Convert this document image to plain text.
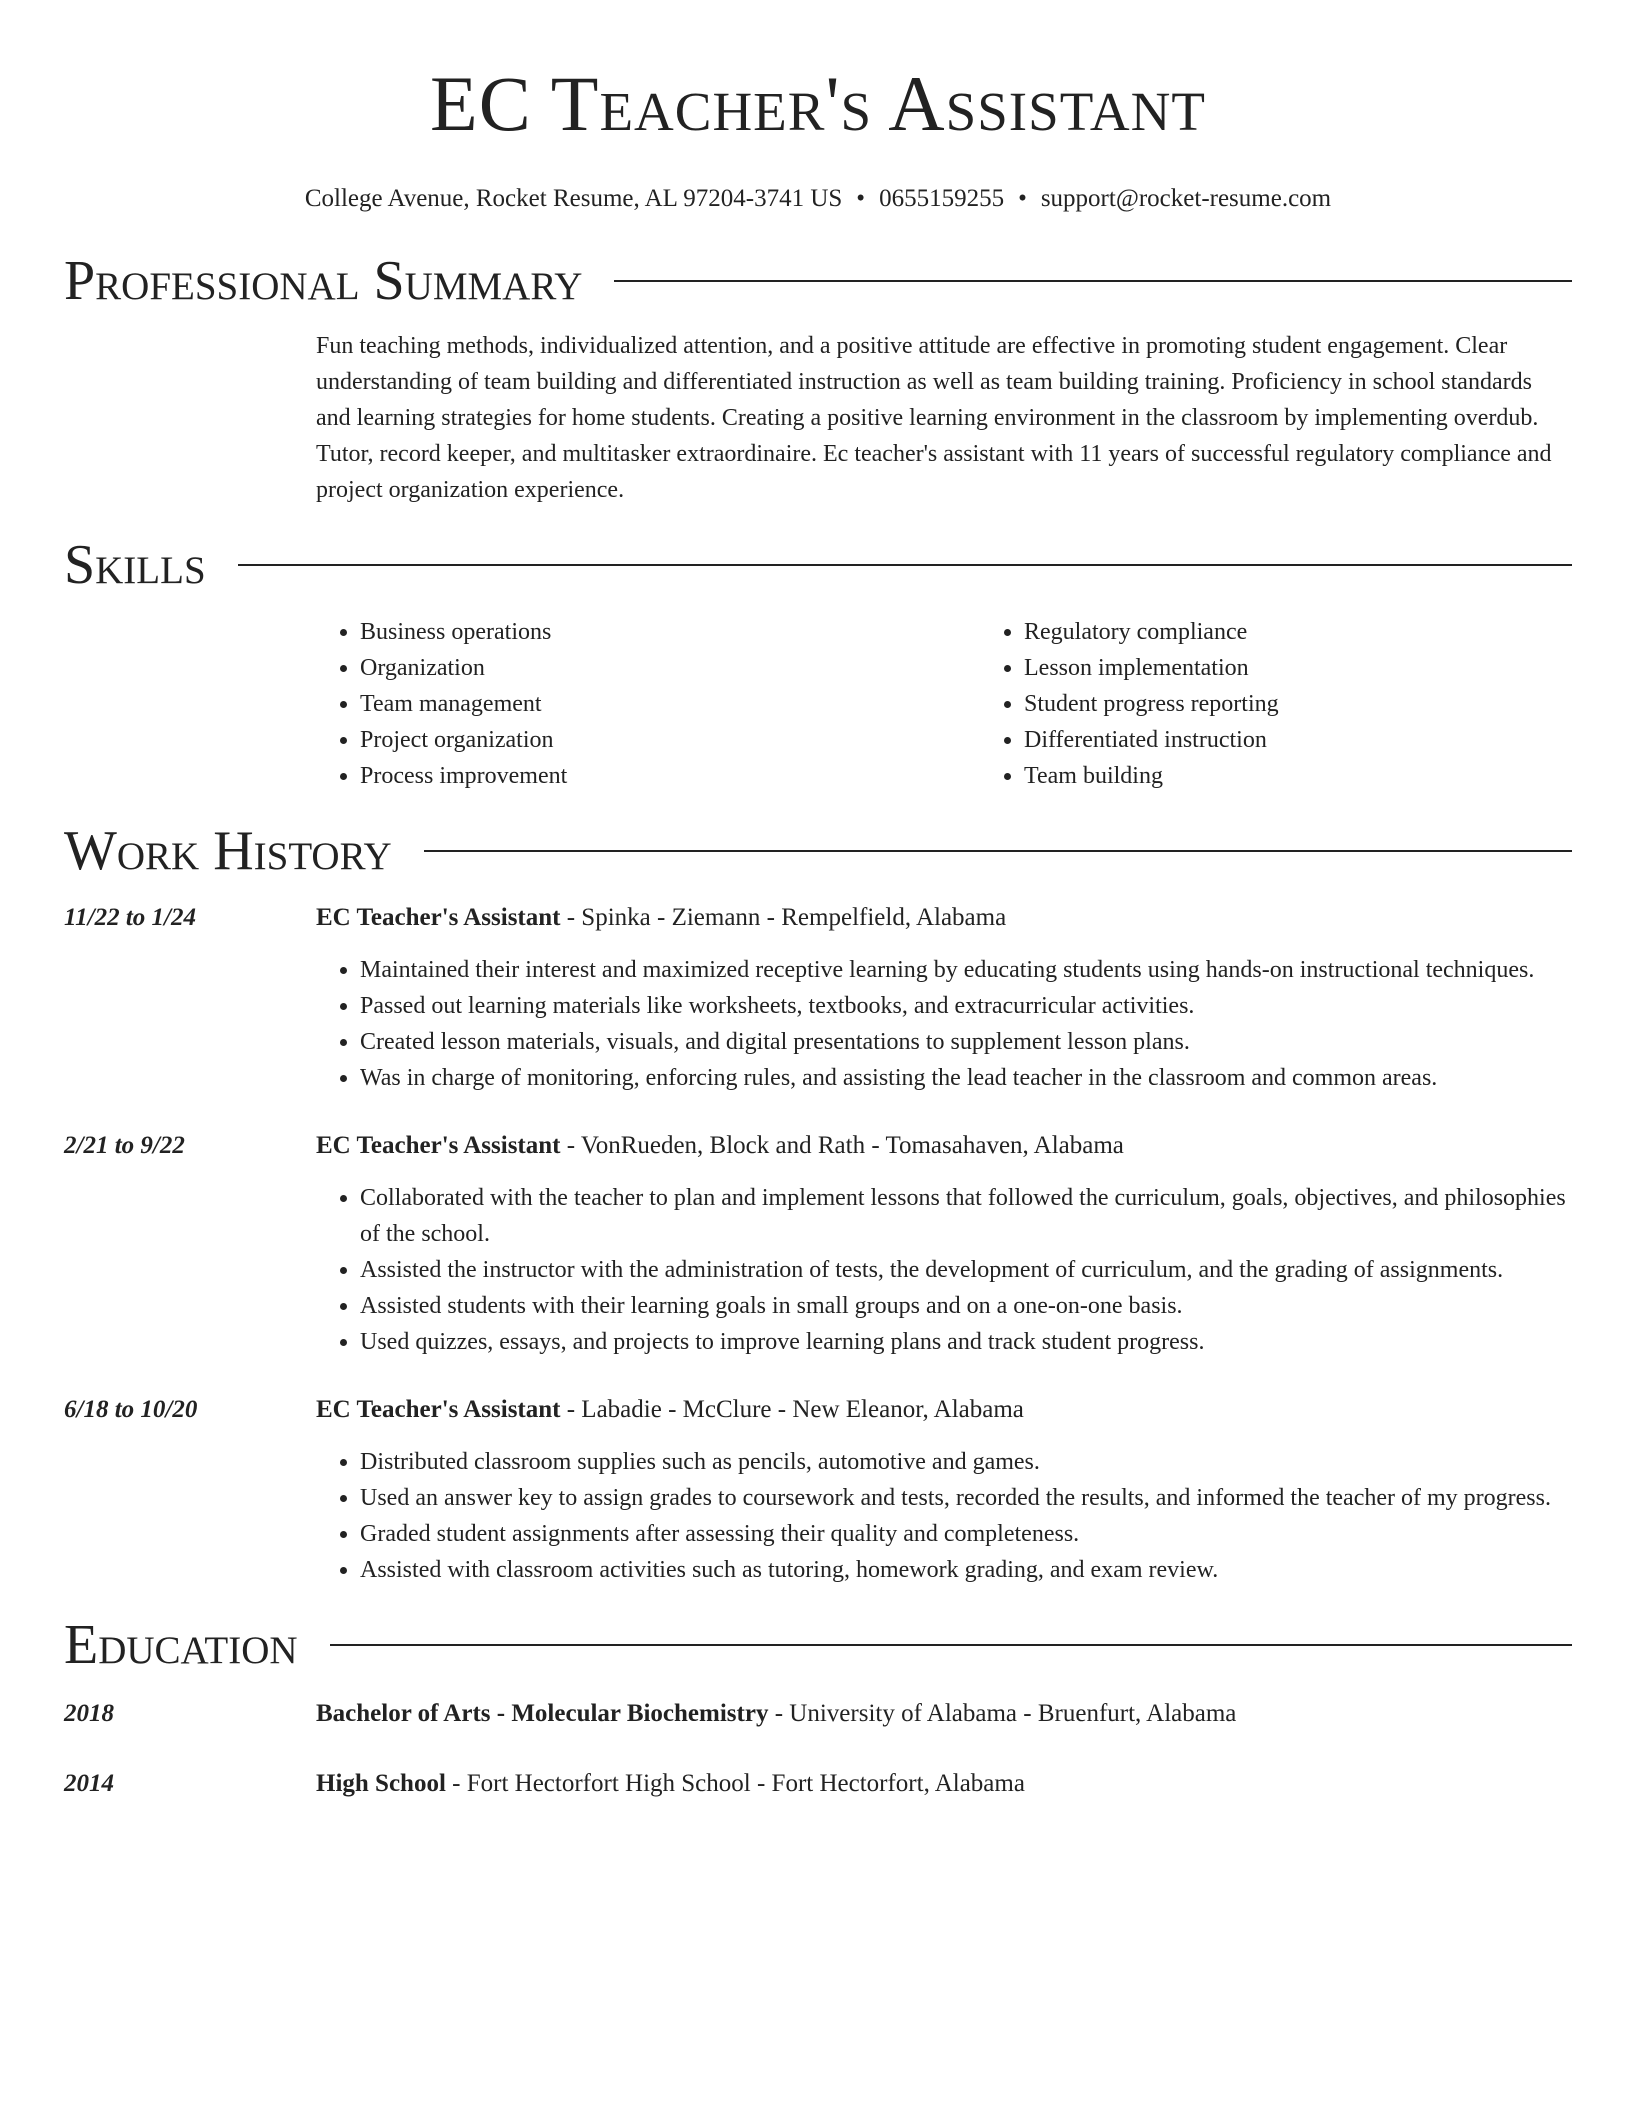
EC Teacher's Assistant
College Avenue, Rocket Resume, AL 97204-3741 US • 0655159255 • support@rocket-resume.com
Professional Summary
Fun teaching methods, individualized attention, and a positive attitude are effective in promoting student engagement. Clear understanding of team building and differentiated instruction as well as team building training. Proficiency in school standards and learning strategies for home students. Creating a positive learning environment in the classroom by implementing overdub. Tutor, record keeper, and multitasker extraordinaire. Ec teacher's assistant with 11 years of successful regulatory compliance and project organization experience.
Skills
• Business operations
• Organization
• Team management
• Project organization
• Process improvement
• Regulatory compliance
• Lesson implementation
• Student progress reporting
• Differentiated instruction
• Team building
Work History
11/22 to 1/24	EC Teacher's Assistant - Spinka - Ziemann - Rempelfield, Alabama
• Maintained their interest and maximized receptive learning by educating students using hands-on instructional techniques.
• Passed out learning materials like worksheets, textbooks, and extracurricular activities.
• Created lesson materials, visuals, and digital presentations to supplement lesson plans.
• Was in charge of monitoring, enforcing rules, and assisting the lead teacher in the classroom and common areas.
2/21 to 9/22	EC Teacher's Assistant - VonRueden, Block and Rath - Tomasahaven, Alabama
• Collaborated with the teacher to plan and implement lessons that followed the curriculum, goals, objectives, and philosophies of the school.
• Assisted the instructor with the administration of tests, the development of curriculum, and the grading of assignments.
• Assisted students with their learning goals in small groups and on a one-on-one basis.
• Used quizzes, essays, and projects to improve learning plans and track student progress.
6/18 to 10/20	EC Teacher's Assistant - Labadie - McClure - New Eleanor, Alabama
• Distributed classroom supplies such as pencils, automotive and games.
• Used an answer key to assign grades to coursework and tests, recorded the results, and informed the teacher of my progress.
• Graded student assignments after assessing their quality and completeness.
• Assisted with classroom activities such as tutoring, homework grading, and exam review.
Education
2018	Bachelor of Arts - Molecular Biochemistry - University of Alabama - Bruenfurt, Alabama
2014	High School - Fort Hectorfort High School - Fort Hectorfort, Alabama
